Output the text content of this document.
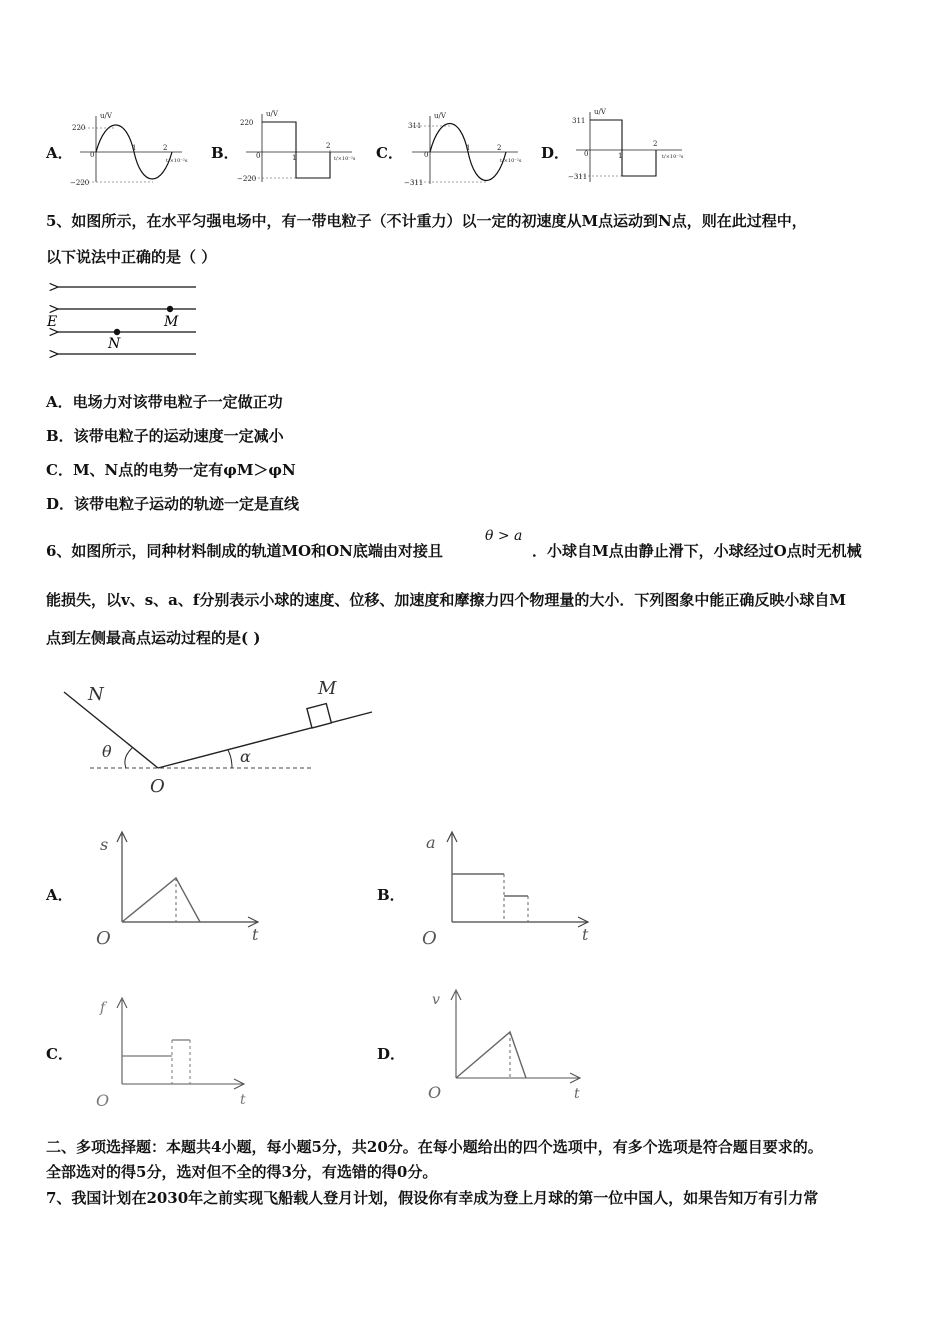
A．
u/V
220
−220
0
1	2
t/×10⁻²s B．
u/V
220
−220
0	1
2
t/×10⁻²s C．
u/V
311
−311
0
1	2
t/×10⁻²s D．
u/V
311
−311
0	1
2
t/×10⁻²s
5、如图所示，在水平匀强电场中，有一带电粒子（不计重力）以一定的初速度从M点运动到N点，则在此过程中，
以下说法中正确的是（ ）
E	M
N
A．电场力对该带电粒子一定做正功
B．该带电粒子的运动速度一定减小
C．M、N点的电势一定有φM＞φN
D．该带电粒子运动的轨迹一定是直线
6、如图所示，同种材料制成的轨道MO和ON底端由对接且
θ > a
．小球自M点由静止滑下，小球经过O点时无机械
能损失，以v、s、a、f分别表示小球的速度、位移、加速度和摩擦力四个物理量的大小．下列图象中能正确反映小球自M
点到左侧最高点运动过程的是( )
N	M
O
θ	α
A．
s
t
O
B．
a
t
O
C．
f
t
O
D．
v
t
O
二、多项选择题：本题共4小题，每小题5分，共20分。在每小题给出的四个选项中，有多个选项是符合题目要求的。
全部选对的得5分，选对但不全的得3分，有选错的得0分。
7、我国计划在2030年之前实现飞船载人登月计划，假设你有幸成为登上月球的第一位中国人，如果告知万有引力常
